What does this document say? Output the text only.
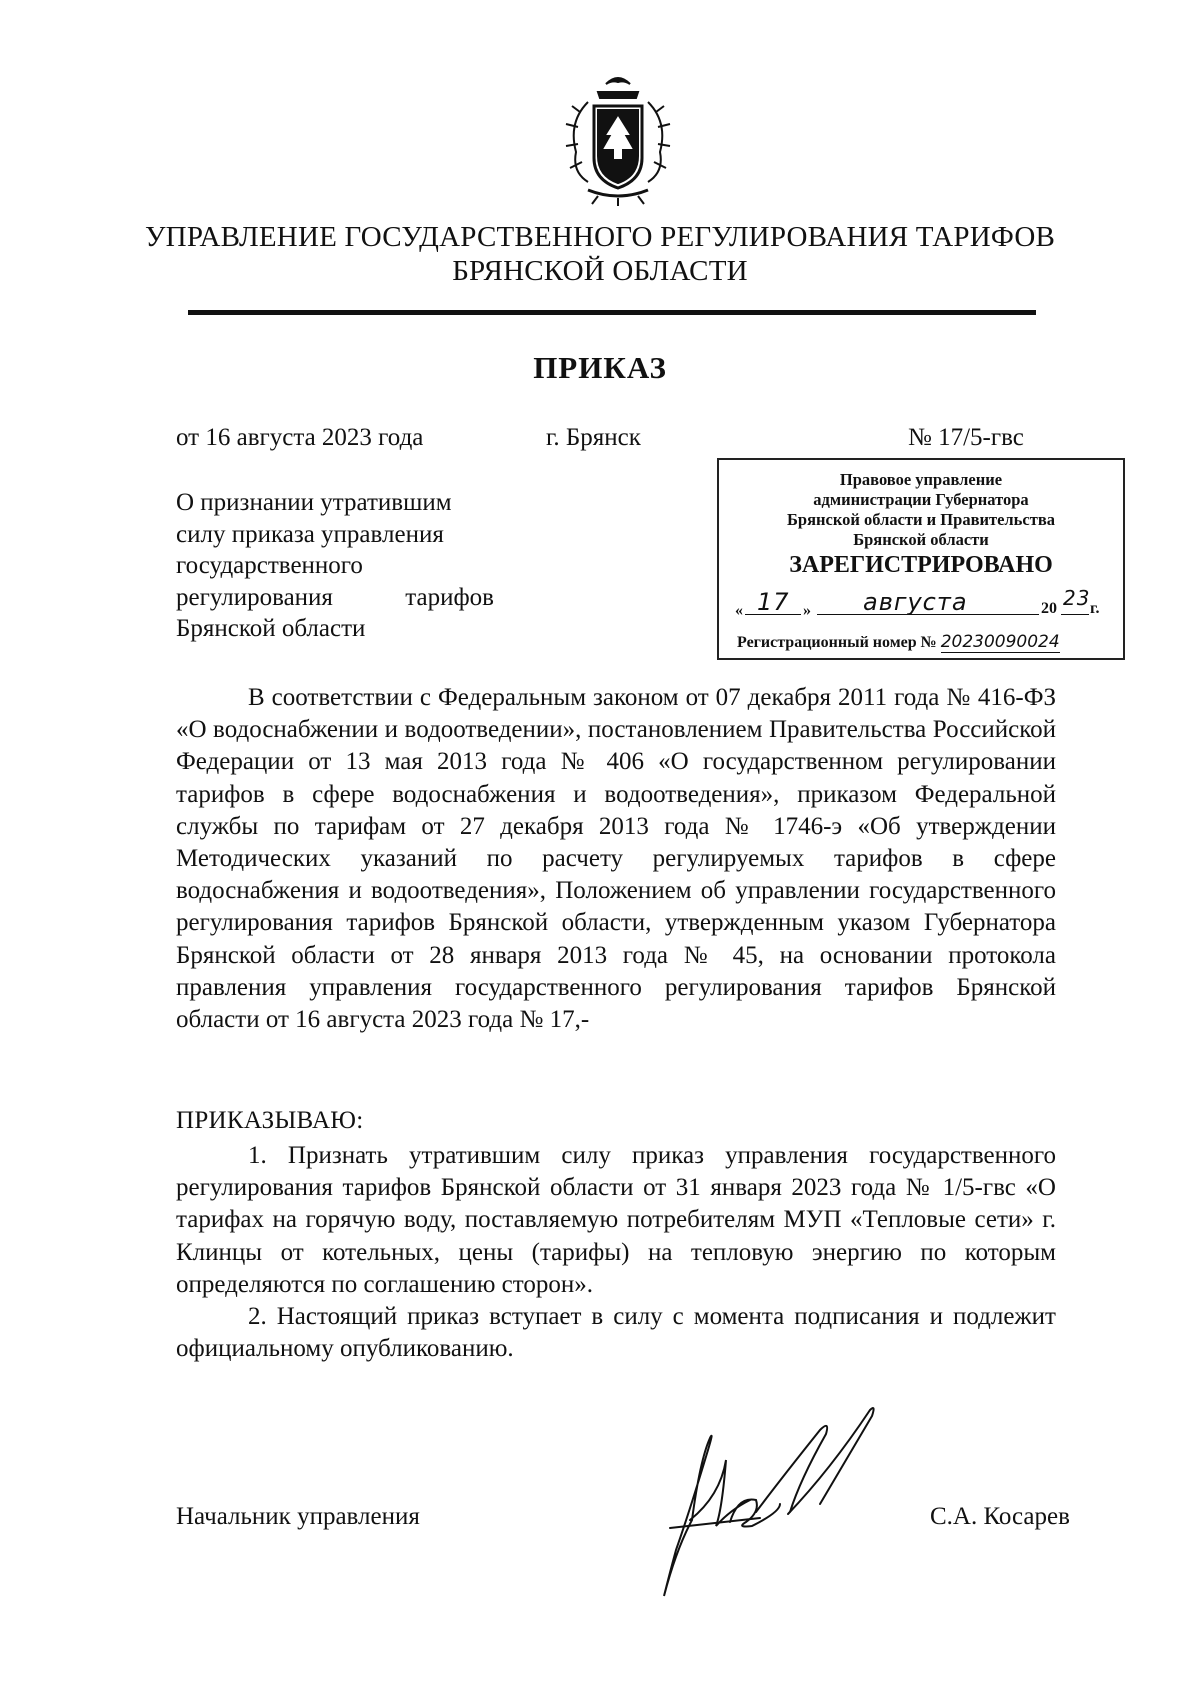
УПРАВЛЕНИЕ ГОСУДАРСТВЕННОГО РЕГУЛИРОВАНИЯ ТАРИФОВ
БРЯНСКОЙ ОБЛАСТИ
ПРИКАЗ
от 16 августа 2023 года	г. Брянск	№ 17/5-гвс
О признании утратившим
силу приказа управления
государственного
регулирования тарифов
Брянской области
Правовое управление
администрации Губернатора
Брянской области и Правительства
Брянской области
ЗАРЕГИСТРИРОВАНО
« 17 » августа	20 23 г.
Регистрационный номер № 20230090024
В соответствии с Федеральным законом от 07 декабря 2011 года № 416-ФЗ «О водоснабжении и водоотведении», постановлением Правительства Российской Федерации от 13 мая 2013 года № 406 «О государственном регулировании тарифов в сфере водоснабжения и водоотведения», приказом Федеральной службы по тарифам от 27 декабря 2013 года № 1746-э «Об утверждении Методических указаний по расчету регулируемых тарифов в сфере водоснабжения и водоотведения», Положением об управлении государственного регулирования тарифов Брянской области, утвержденным указом Губернатора Брянской области от 28 января 2013 года № 45, на основании протокола правления управления государственного регулирования тарифов Брянской области от 16 августа 2023 года № 17,-
ПРИКАЗЫВАЮ:

1. Признать утратившим силу приказ управления государственного регулирования тарифов Брянской области от 31 января 2023 года № 1/5-гвс «О тарифах на горячую воду, поставляемую потребителям МУП «Тепловые сети» г. Клинцы от котельных, цены (тарифы) на тепловую энергию по которым определяются по соглашению сторон».

2. Настоящий приказ вступает в силу с момента подписания и подлежит официальному опубликованию.

Начальник управления	С.А. Косарев
